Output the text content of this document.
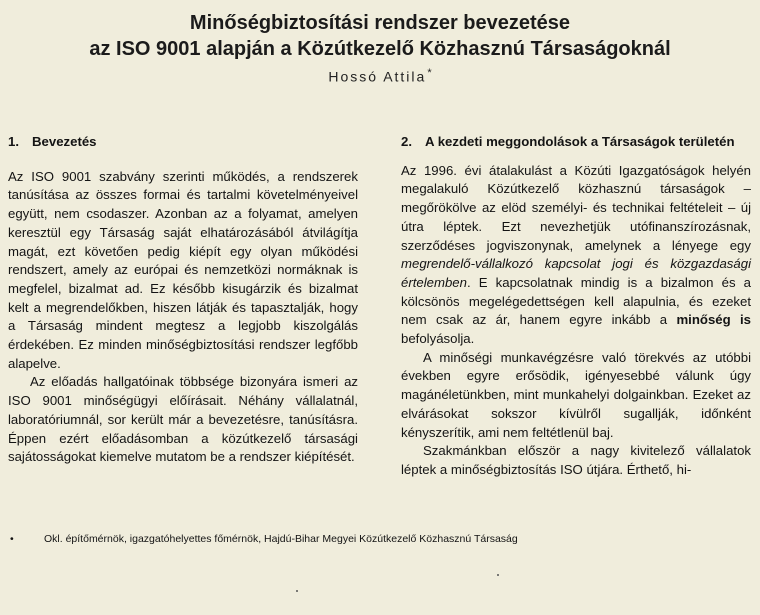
Minőségbiztosítási rendszer bevezetése
az ISO 9001 alapján a Közútkezelő Közhasznú Társaságoknál
Hossó Attila*
1. Bevezetés

Az ISO 9001 szabvány szerinti működés, a rendszerek tanúsítása az összes formai és tartalmi követelményeivel együtt, nem csodaszer. Azonban az a folyamat, amelyen keresztül egy Társaság saját elhatározásából átvilágítja magát, ezt követően pedig kiépít egy olyan működési rendszert, amely az európai és nemzetközi normáknak is megfelel, bizalmat ad. Ez később kisugárzik és bizalmat kelt a megrendelőkben, hiszen látják és tapasztalják, hogy a Társaság mindent megtesz a legjobb kiszolgálás érdekében. Ez minden minőségbiztosítási rendszer legfőbb alapelve.

Az előadás hallgatóinak többsége bizonyára ismeri az ISO 9001 minőségügyi előírásait. Néhány vállalatnál, laboratóriumnál, sor került már a bevezetésre, tanúsításra. Éppen ezért előadásomban a közútkezelő társasági sajátosságokat kiemelve mutatom be a rendszer kiépítését.

2. A kezdeti meggondolások a Társaságok területén

Az 1996. évi átalakulást a Közúti Igazgatóságok helyén megalakuló Közútkezelő közhasznú társaságok – megőrökölve az elöd személyi- és technikai feltételeit – új útra léptek. Ezt nevezhetjük utófinanszírozásnak, szerződéses jogviszonynak, amelynek a lényege egy megrendelő-vállalkozó kapcsolat jogi és közgazdasági értelemben. E kapcsolatnak mindig is a bizalmon és a kölcsönös megelégedettségen kell alapulnia, és ezeket nem csak az ár, hanem egyre inkább a minőség is befolyásolja.

A minőségi munkavégzésre való törekvés az utóbbi években egyre erősödik, igényesebbé válunk úgy magánéletünkben, mint munkahelyi dolgainkban. Ezeket az elvárásokat sokszor kívülről sugallják, időnként kényszerítik, ami nem feltétlenül baj.

Szakmánkban először a nagy kivitelező vállalatok léptek a minőségbiztosítás ISO útjára. Érthető, hi-

•	Okl. építőmérnök, igazgatóhelyettes főmérnök, Hajdú-Bihar Megyei Közútkezelő Közhasznú Társaság
